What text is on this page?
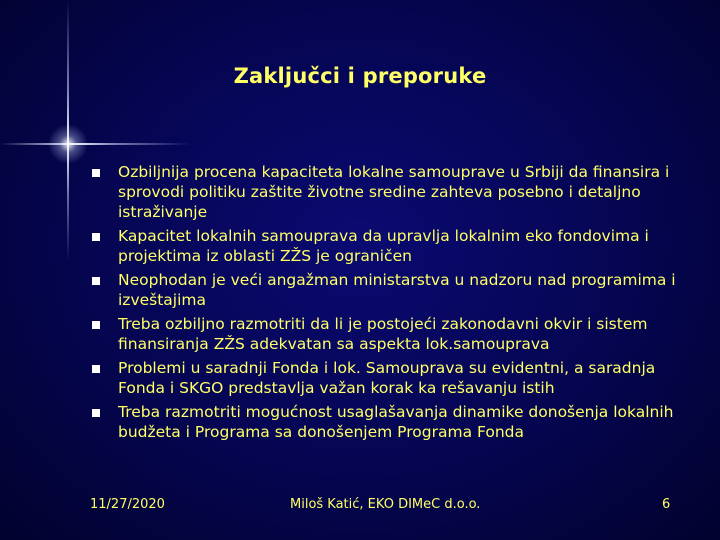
Zaključci i preporuke
Ozbiljnija procena kapaciteta lokalne samouprave u Srbiji da finansira i sprovodi politiku zaštite životne sredine zahteva posebno i detaljno istraživanje
Kapacitet lokalnih samouprava da upravlja lokalnim eko fondovima i projektima iz oblasti ZŽS je ograničen
Neophodan je veći angažman ministarstva u nadzoru nad programima i izveštajima
Treba ozbiljno razmotriti da li je postojeći zakonodavni okvir i sistem finansiranja ZŽS adekvatan sa aspekta lok.samouprava
Problemi u saradnji Fonda i lok. Samouprava su evidentni, a saradnja Fonda i SKGO predstavlja važan korak ka rešavanju istih
Treba razmotriti mogućnost usaglašavanja dinamike donošenja lokalnih budžeta i Programa sa donošenjem Programa Fonda
11/27/2020	Miloš Katić, EKO DIMeC d.o.o.	6
